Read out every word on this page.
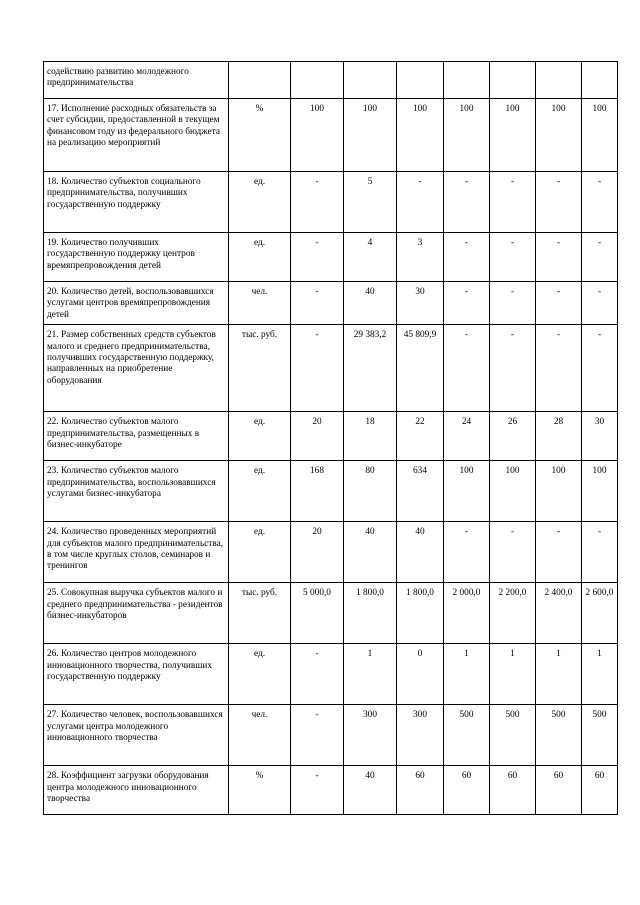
содействию развитию молодежного предпринимательства								
17. Исполнение расходных обязательств за счет субсидии, предоставленной в текущем финансовом году из федерального бюджета на реализацию мероприятий	%	100	100	100	100	100	100	100
18. Количество субъектов социального предпринимательства, получивших государственную поддержку	ед.	-	5	-	-	-	-	-
19. Количество получивших государственную поддержку центров времяпрепровождения детей	ед.	-	4	3	-	-	-	-
20. Количество детей, воспользовавшихся услугами центров времяпрепровождения детей	чел.	-	40	30	-	-	-	-
21. Размер собственных средств субъектов малого и среднего предпринимательства, получивших государственную поддержку, направленных на приобретение оборудования	тыс. руб.	-	29 383,2	45 809,9	-	-	-	-
22. Количество субъектов малого предпринимательства, размещенных в бизнес-инкубаторе	ед.	20	18	22	24	26	28	30
23. Количество субъектов малого предпринимательства, воспользовавшихся услугами бизнес-инкубатора	ед.	168	80	634	100	100	100	100
24. Количество проведенных мероприятий для субъектов малого предпринимательства, в том числе круглых столов, семинаров и тренингов	ед.	20	40	40	-	-	-	-
25. Совокупная выручка субъектов малого и среднего предпринимательства - резидентов бизнес-инкубаторов	тыс. руб.	5 000,0	1 800,0	1 800,0	2 000,0	2 200,0	2 400,0	2 600,0
26. Количество центров молодежного инновационного творчества, получивших государственную поддержку	ед.	-	1	0	1	1	1	1
27. Количество человек, воспользовавшихся услугами центра молодежного инновационного творчества	чел.	-	300	300	500	500	500	500
28. Коэффициент загрузки оборудования центра молодежного инновационного творчества	%	-	40	60	60	60	60	60
